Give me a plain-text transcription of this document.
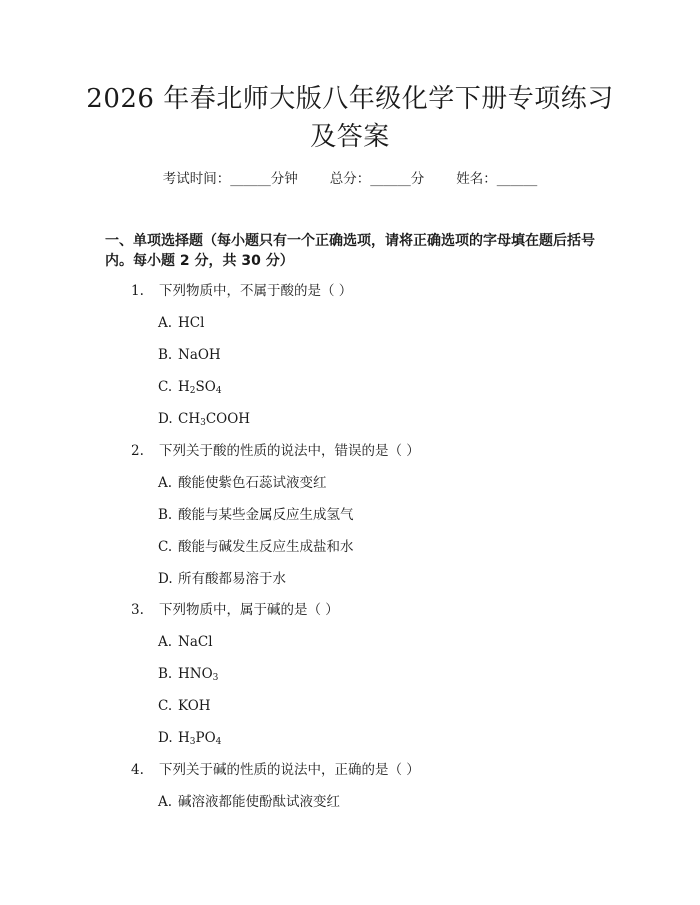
2026 年春北师大版八年级化学下册专项练习
及答案
考试时间：______分钟 总分：______分 姓名：______
一、单项选择题（每小题只有一个正确选项，请将正确选项的字母填在题后括号
内。每小题 2 分，共 30 分）
1. 下列物质中，不属于酸的是（ ）
A. HCl
B. NaOH
C. $H_2SO_4$
D. $CH_3COOH$
2. 下列关于酸的性质的说法中，错误的是（ ）
A. 酸能使紫色石蕊试液变红
B. 酸能与某些金属反应生成氢气
C. 酸能与碱发生反应生成盐和水
D. 所有酸都易溶于水
3. 下列物质中，属于碱的是（ ）
A. NaCl
B. $HNO_3$
C. KOH
D. $H_3PO_4$
4. 下列关于碱的性质的说法中，正确的是（ ）
A. 碱溶液都能使酚酞试液变红
